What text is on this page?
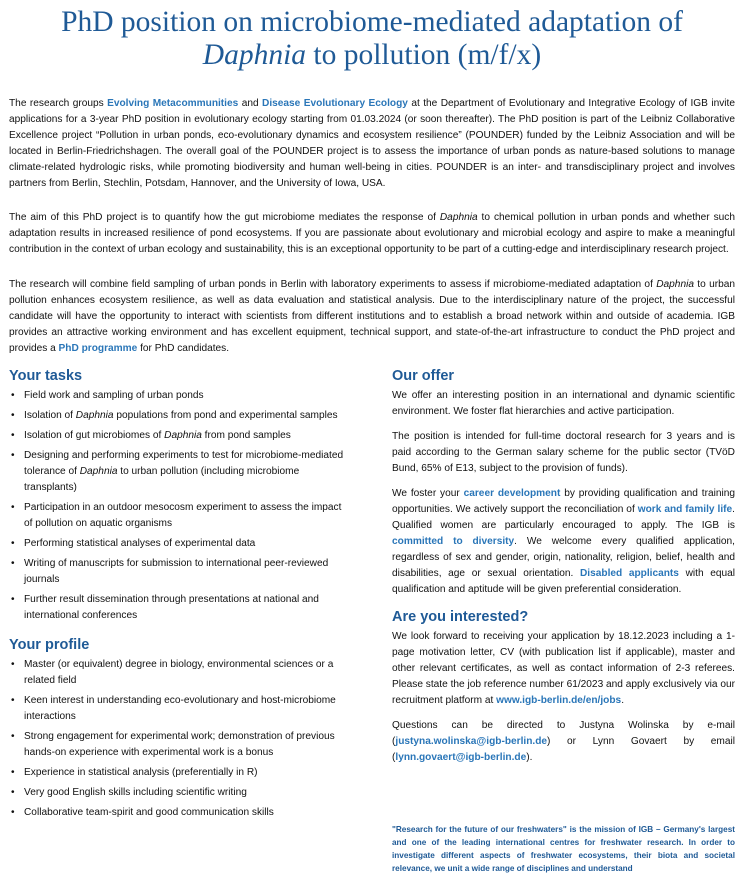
PhD position on microbiome-mediated adaptation of
Daphnia to pollution (m/f/x)
The research groups Evolving Metacommunities and Disease Evolutionary Ecology at the Department of Evolutionary and Integrative Ecology of IGB invite applications for a 3-year PhD position in evolutionary ecology starting from 01.03.2024 (or soon thereafter). The PhD position is part of the Leibniz Collaborative Excellence project “Pollution in urban ponds, eco-evolutionary dynamics and ecosystem resilience” (POUNDER) funded by the Leibniz Association and will be located in Berlin-Friedrichshagen. The overall goal of the POUNDER project is to assess the importance of urban ponds as nature-based solutions to manage climate-related hydrologic risks, while promoting biodiversity and human well-being in cities. POUNDER is an inter- and transdisciplinary project and involves partners from Berlin, Stechlin, Potsdam, Hannover, and the University of Iowa, USA.
The aim of this PhD project is to quantify how the gut microbiome mediates the response of Daphnia to chemical pollution in urban ponds and whether such adaptation results in increased resilience of pond ecosystems. If you are passionate about evolutionary and microbial ecology and aspire to make a meaningful contribution in the context of urban ecology and sustainability, this is an exceptional opportunity to be part of a cutting-edge and interdisciplinary research project.
The research will combine field sampling of urban ponds in Berlin with laboratory experiments to assess if microbiome-mediated adaptation of Daphnia to urban pollution enhances ecosystem resilience, as well as data evaluation and statistical analysis. Due to the interdisciplinary nature of the project, the successful candidate will have the opportunity to interact with scientists from different institutions and to establish a broad network within and outside of academia. IGB provides an attractive working environment and has excellent equipment, technical support, and state-of-the-art infrastructure to conduct the PhD project and provides a PhD programme for PhD candidates.
Your tasks
• Field work and sampling of urban ponds
• Isolation of Daphnia populations from pond and experimental samples
• Isolation of gut microbiomes of Daphnia from pond samples
• Designing and performing experiments to test for microbiome-mediated tolerance of Daphnia to urban pollution (including microbiome transplants)
• Participation in an outdoor mesocosm experiment to assess the impact of pollution on aquatic organisms
• Performing statistical analyses of experimental data
• Writing of manuscripts for submission to international peer-reviewed journals
• Further result dissemination through presentations at national and international conferences
Your profile
• Master (or equivalent) degree in biology, environmental sciences or a related field
• Keen interest in understanding eco-evolutionary and host-microbiome interactions
• Strong engagement for experimental work; demonstration of previous hands-on experience with experimental work is a bonus
• Experience in statistical analysis (preferentially in R)
• Very good English skills including scientific writing
• Collaborative team-spirit and good communication skills
Our offer

We offer an interesting position in an international and dynamic scientific environment. We foster flat hierarchies and active participation.

The position is intended for full-time doctoral research for 3 years and is paid according to the German salary scheme for the public sector (TVöD Bund, 65% of E13, subject to the provision of funds).

We foster your career development by providing qualification and training opportunities. We actively support the reconciliation of work and family life. Qualified women are particularly encouraged to apply. The IGB is committed to diversity. We welcome every qualified application, regardless of sex and gender, origin, nationality, religion, belief, health and disabilities, age or sexual orientation. Disabled applicants with equal qualification and aptitude will be given preferential consideration.

Are you interested?

We look forward to receiving your application by 18.12.2023 including a 1-page motivation letter, CV (with publication list if applicable), master and other relevant certificates, as well as contact information of 2-3 referees. Please state the job reference number 61/2023 and apply exclusively via our recruitment platform at www.igb-berlin.de/en/jobs.

Questions can be directed to Justyna Wolinska by e-mail (justyna.wolinska@igb-berlin.de) or Lynn Govaert by email (lynn.govaert@igb-berlin.de).

"Research for the future of our freshwaters" is the mission of IGB – Germany's largest and one of the leading international centres for freshwater research. In order to investigate different aspects of freshwater ecosystems, their biota and societal relevance, we unit a wide range of disciplines and understand
